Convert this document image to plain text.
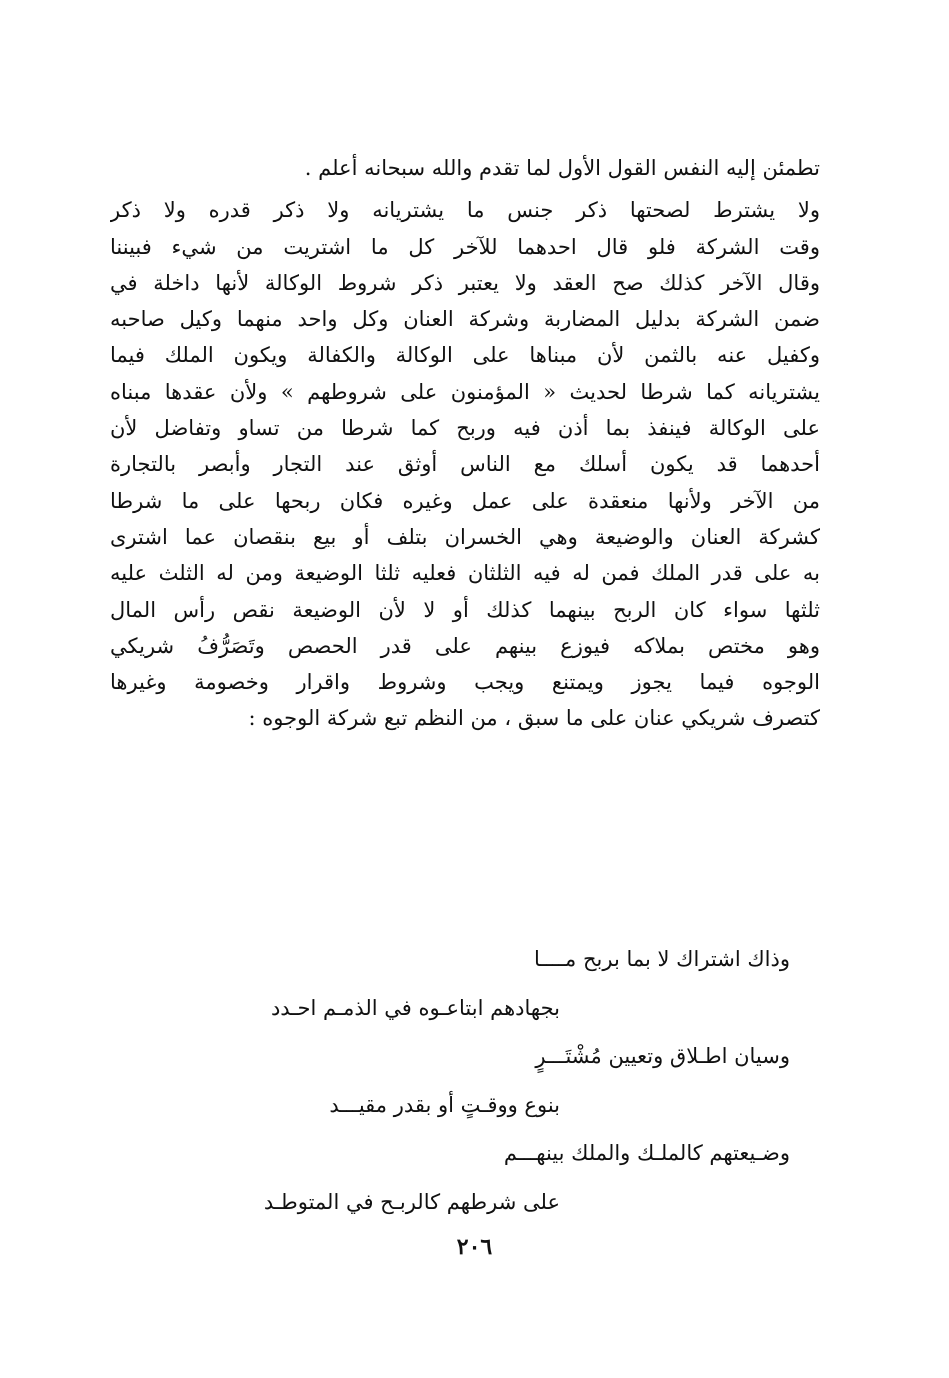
تطمئن إليه النفس القول الأول لما تقدم والله سبحانه أعلم .
ولا يشترط لصحتها ذكر جنس ما يشتريانه ولا ذكر قدره ولا ذكر
وقت الشركة فلو قال احدهما للآخر كل ما اشتريت من شيء فبيننا
وقال الآخر كذلك صح العقد ولا يعتبر ذكر شروط الوكالة لأنها داخلة في
ضمن الشركة بدليل المضاربة وشركة العنان وكل واحد منهما وكيل صاحبه
وكفيل عنه بالثمن لأن مبناها على الوكالة والكفالة ويكون الملك فيما
يشتريانه كما شرطا لحديث « المؤمنون على شروطهم » ولأن عقدها مبناه
على الوكالة فينفذ بما أذن فيه وربح كما شرطا من تساو وتفاضل لأن
أحدهما قد يكون أسلك مع الناس أوثق عند التجار وأبصر بالتجارة
من الآخر ولأنها منعقدة على عمل وغيره فكان ربحها على ما شرطا
كشركة العنان والوضيعة وهي الخسران بتلف أو بيع بنقصان عما اشترى
به على قدر الملك فمن له فيه الثلثان فعليه ثلثا الوضيعة ومن له الثلث عليه
ثلثها سواء كان الربح بينهما كذلك أو لا لأن الوضيعة نقص رأس المال
وهو مختص بملاكه فيوزع بينهم على قدر الحصص وتَصَرُّفُ شريكي
الوجوه فيما يجوز ويمتنع ويجب وشروط واقرار وخصومة وغيرها
كتصرف شريكي عنان على ما سبق ، من النظم تبع شركة الوجوه :
وذاك اشتراك لا بما بربح مــــا
بجهادهم ابتاعـوه في الذمـم احـدد
وسيان اطـلاق وتعيين مُشْتَـــرٍ
بنوع ووقـتٍ أو بقدر مقيـــد
وضـيعتهم كالملـك والملك بينهـــم
على شرطهم كالربـح في المتوطـد
٢٠٦
